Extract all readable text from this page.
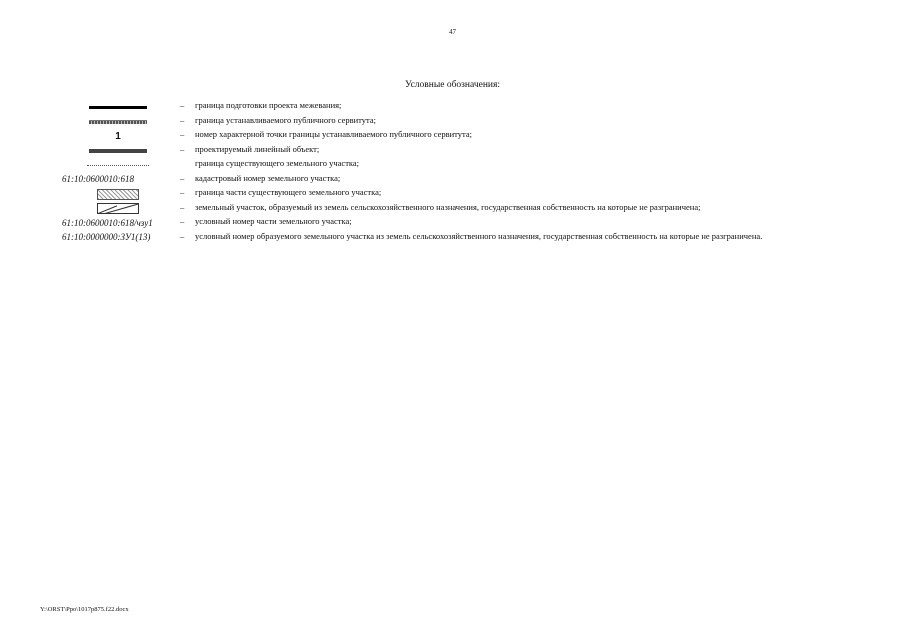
47
Условные обозначения:
–	граница подготовки проекта межевания;
–	граница устанавливаемого публичного сервитута;
1	–	номер характерной точки границы устанавливаемого публичного сервитута;
–	проектируемый линейный объект;
граница существующего земельного участка;
61:10:0600010:618	–	кадастровый номер земельного участка;
–	граница части существующего земельного участка;
–	земельный участок, образуемый из земель сельскохозяйственного назначения, государственная собственность на которые не разграничена;
61:10:0600010:618/чзу1	–	условный номер части земельного участка;
61:10:0000000:ЗУ1(13)	–	условный номер образуемого земельного участка из земель сельскохозяйственного назначения, государственная собственность на которые не разграничена.
Y:\ORST\Ppo\1017p875.f22.docx
